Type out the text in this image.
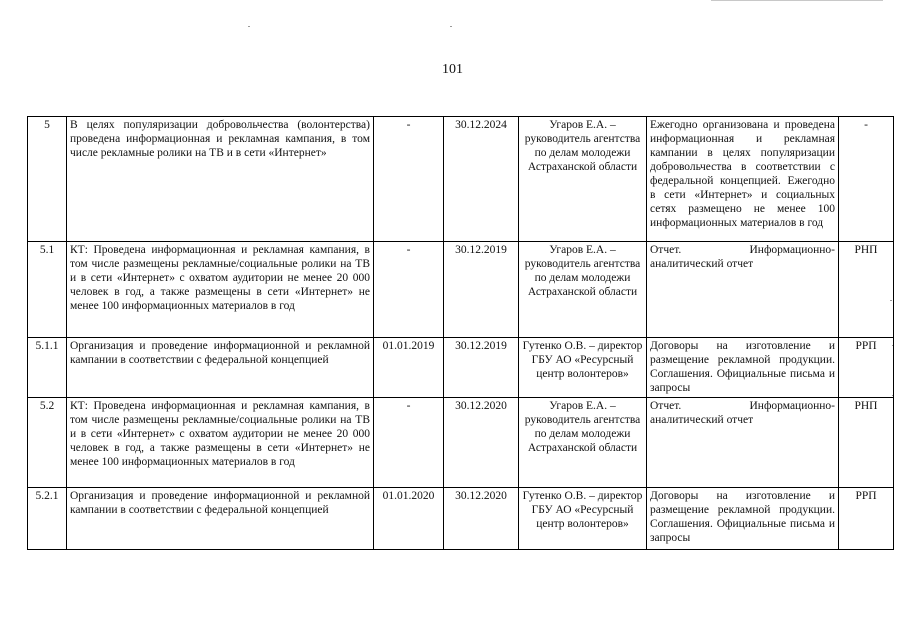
101
5	В целях популяризации добровольчества (волонтерства) проведена информационная и рекламная кампания, в том числе рекламные ролики на ТВ и в сети «Интернет»	-	30.12.2024	Угаров Е.А. – руководитель агентства по делам молодежи Астраханской области	Ежегодно организована и проведена информационная и рекламная кампании в целях популяризации добровольчества в соответствии с федеральной концепцией. Ежегодно в сети «Интернет» и социальных сетях размещено не менее 100 информационных материалов в год	-
5.1	КТ: Проведена информационная и рекламная кампания, в том числе размещены рекламные/социальные ролики на ТВ и в сети «Интернет» с охватом аудитории не менее 20 000 человек в год, а также размещены в сети «Интернет» не менее 100 информационных материалов в год	-	30.12.2019	Угаров Е.А. – руководитель агентства по делам молодежи Астраханской области	Отчет. Информационно-аналитический отчет	РНП
5.1.1	Организация и проведение информационной и рекламной кампании в соответствии с федеральной концепцией	01.01.2019	30.12.2019	Гутенко О.В. – директор ГБУ АО «Ресурсный центр волонтеров»	Договоры на изготовление и размещение рекламной продукции. Соглашения. Официальные письма и запросы	РРП
5.2	КТ: Проведена информационная и рекламная кампания, в том числе размещены рекламные/социальные ролики на ТВ и в сети «Интернет» с охватом аудитории не менее 20 000 человек в год, а также размещены в сети «Интернет» не менее 100 информационных материалов в год	-	30.12.2020	Угаров Е.А. – руководитель агентства по делам молодежи Астраханской области	Отчет. Информационно-аналитический отчет	РНП
5.2.1	Организация и проведение информационной и рекламной кампании в соответствии с федеральной концепцией	01.01.2020	30.12.2020	Гутенко О.В. – директор ГБУ АО «Ресурсный центр волонтеров»	Договоры на изготовление и размещение рекламной продукции. Соглашения. Официальные письма и запросы	РРП
